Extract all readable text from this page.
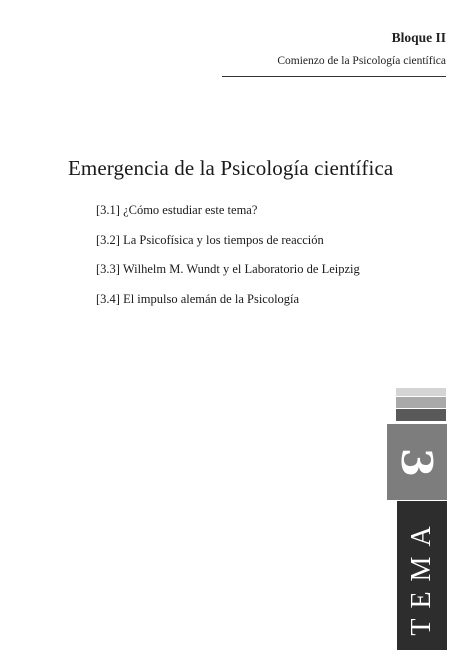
Bloque II
Comienzo de la Psicología científica
Emergencia de la Psicología científica
[3.1] ¿Cómo estudiar este tema?
[3.2] La Psicofísica y los tiempos de reacción
[3.3] Wilhelm M. Wundt y el Laboratorio de Leipzig
[3.4] El impulso alemán de la Psicología
3
TEMA
